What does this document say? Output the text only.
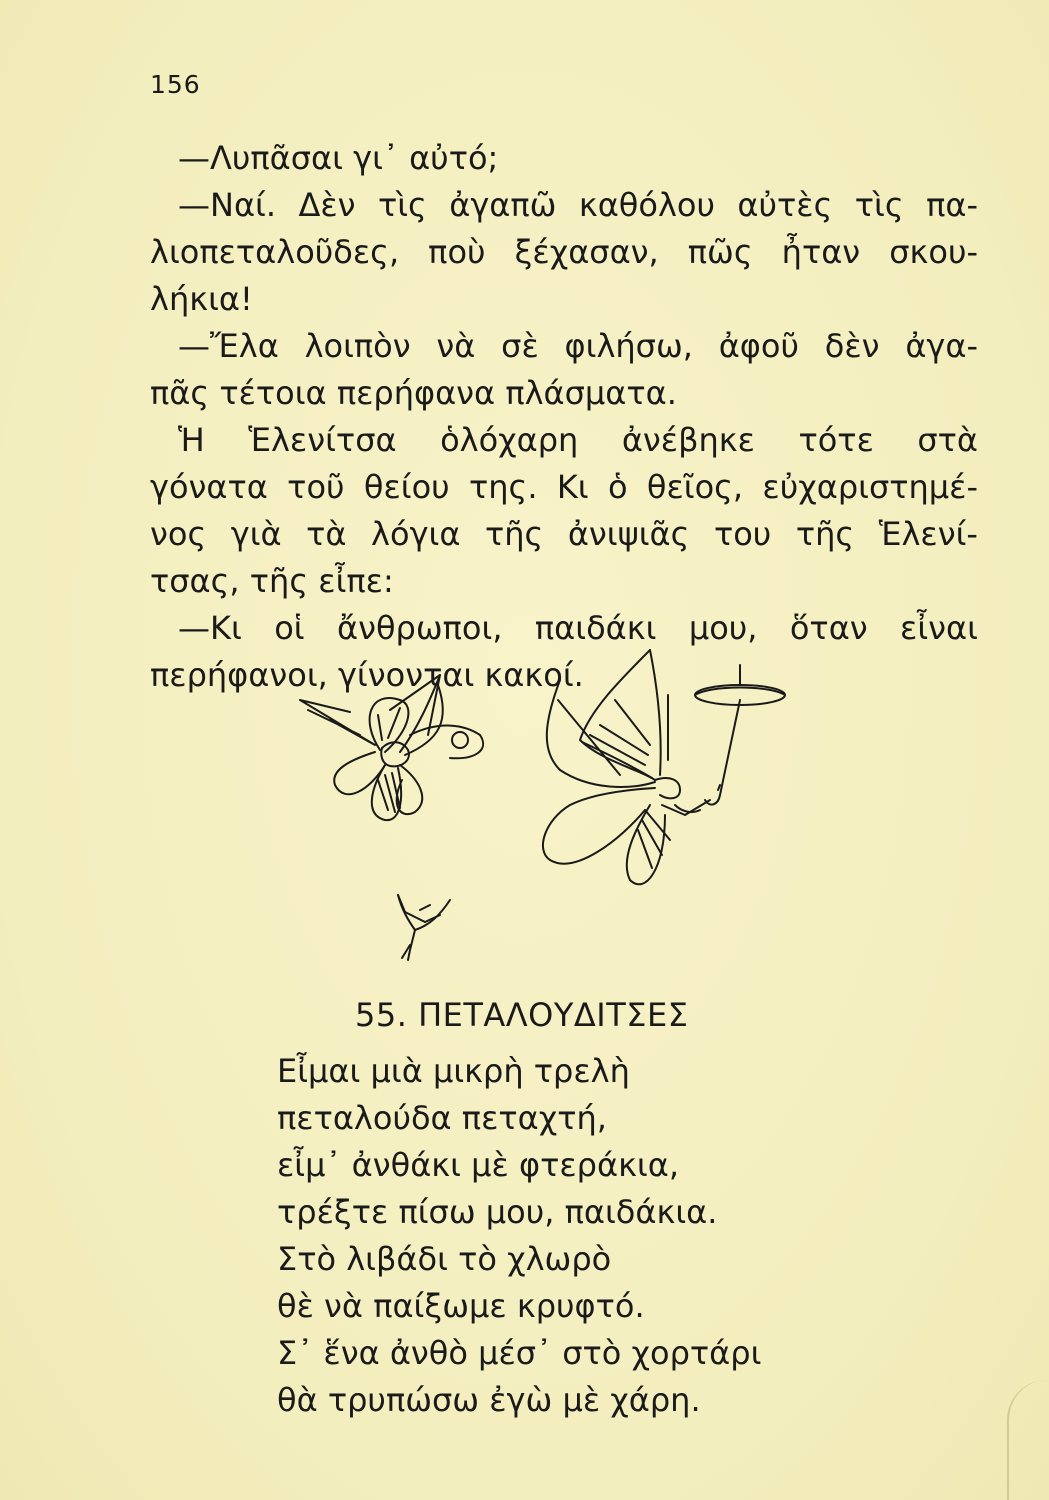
156
—Λυπᾶσαι γι᾽ αὐτό;
—Ναί. Δὲν τὶς ἀγαπῶ καθόλου αὐτὲς τὶς πα-
λιοπεταλοῦδες, ποὺ ξέχασαν, πῶς ἦταν σκου-
λήκια!
—Ἔλα λοιπὸν νὰ σὲ φιλήσω, ἀφοῦ δὲν ἀγα-
πᾶς τέτοια περήφανα πλάσματα.
Ἡ Ἑλενίτσα ὁλόχαρη ἀνέβηκε τότε στὰ
γόνατα τοῦ θείου της. Κι ὁ θεῖος, εὐχαριστημέ-
νος γιὰ τὰ λόγια τῆς ἀνιψιᾶς του τῆς Ἑλενί-
τσας, τῆς εἶπε:
—Κι οἱ ἄνθρωποι, παιδάκι μου, ὅταν εἶναι
περήφανοι, γίνονται κακοί.
55. ΠΕΤΑΛΟΥΔΙΤΣΕΣ
Εἶμαι μιὰ μικρὴ τρελὴ
πεταλούδα πεταχτή,
εἶμ᾽ ἀνθάκι μὲ φτεράκια,
τρέξτε πίσω μου, παιδάκια.
Στὸ λιβάδι τὸ χλωρὸ
θὲ νὰ παίξωμε κρυφτό.
Σ᾽ ἕνα ἀνθὸ μέσ᾽ στὸ χορτάρι
θὰ τρυπώσω ἐγὼ μὲ χάρη.
